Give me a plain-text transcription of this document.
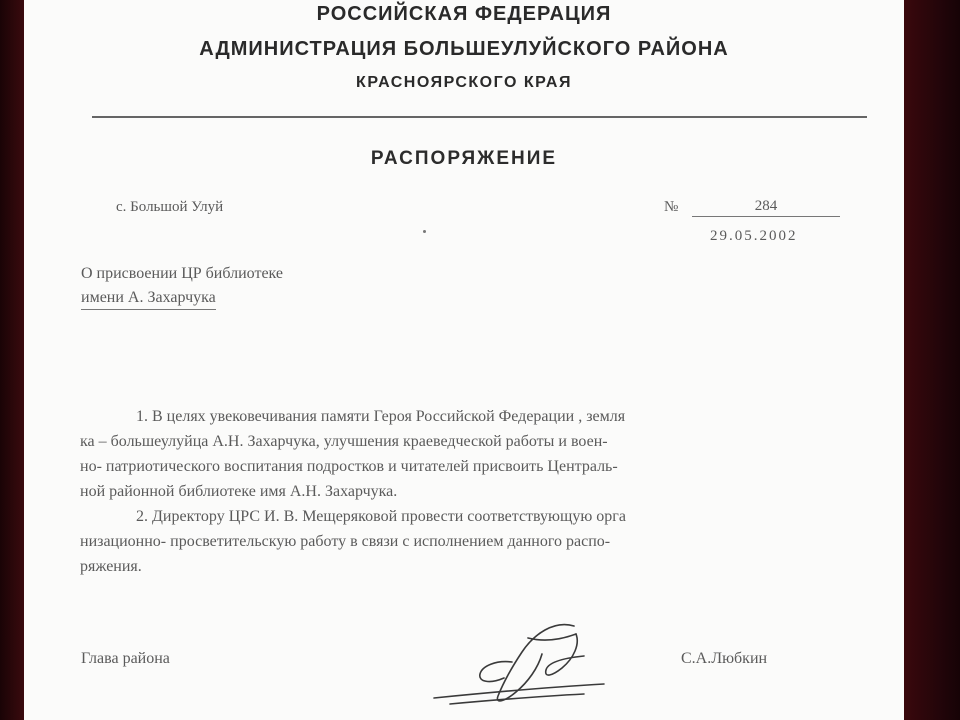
РОССИЙСКАЯ ФЕДЕРАЦИЯ
АДМИНИСТРАЦИЯ БОЛЬШЕУЛУЙСКОГО РАЙОНА
КРАСНОЯРСКОГО КРАЯ
РАСПОРЯЖЕНИЕ
с. Большой Улуй	№	284
29.05.2002
О присвоении ЦР библиотеке
имени А. Захарчука
1. В целях увековечивания памяти Героя Российской Федерации , земля
ка – большеулуйца А.Н. Захарчука, улучшения краеведческой работы и воен-
но- патриотического воспитания подростков и читателей присвоить Централь-
ной районной библиотеке имя А.Н. Захарчука.
2. Директору ЦРС И. В. Мещеряковой провести соответствующую орга
низационно- просветительскую работу в связи с исполнением данного распо-
ряжения.
Глава района	С.А.Любкин
